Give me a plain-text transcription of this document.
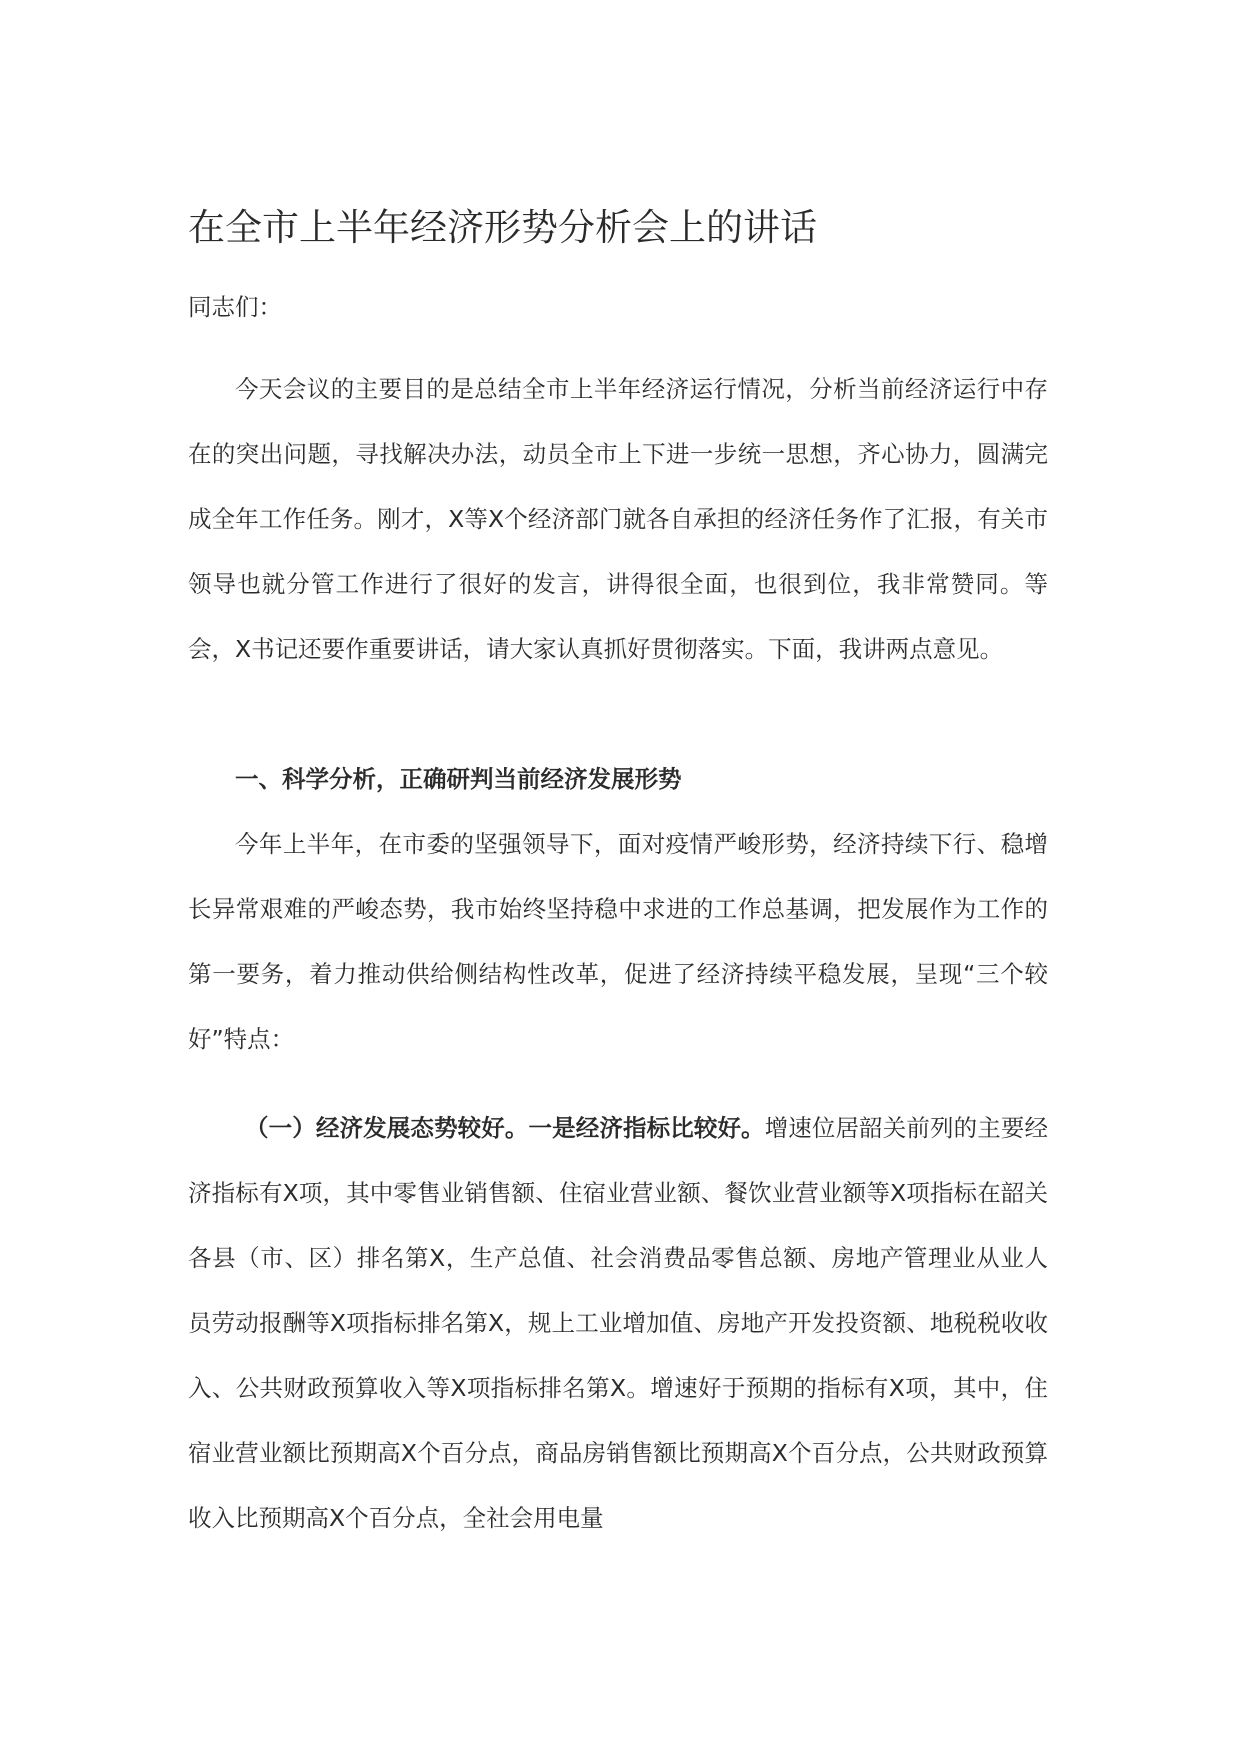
在全市上半年经济形势分析会上的讲话

同志们：

今天会议的主要目的是总结全市上半年经济运行情况，分析当前经济运行中存在的突出问题，寻找解决办法，动员全市上下进一步统一思想，齐心协力，圆满完成全年工作任务。刚才，X等X个经济部门就各自承担的经济任务作了汇报，有关市领导也就分管工作进行了很好的发言，讲得很全面，也很到位，我非常赞同。等会，X书记还要作重要讲话，请大家认真抓好贯彻落实。下面，我讲两点意见。

一、科学分析，正确研判当前经济发展形势

今年上半年，在市委的坚强领导下，面对疫情严峻形势，经济持续下行、稳增长异常艰难的严峻态势，我市始终坚持稳中求进的工作总基调，把发展作为工作的第一要务，着力推动供给侧结构性改革，促进了经济持续平稳发展，呈现“三个较好”特点：

（一）经济发展态势较好。一是经济指标比较好。增速位居韶关前列的主要经济指标有X项，其中零售业销售额、住宿业营业额、餐饮业营业额等X项指标在韶关各县（市、区）排名第X，生产总值、社会消费品零售总额、房地产管理业从业人员劳动报酬等X项指标排名第X，规上工业增加值、房地产开发投资额、地税税收收入、公共财政预算收入等X项指标排名第X。增速好于预期的指标有X项，其中，住宿业营业额比预期高X个百分点，商品房销售额比预期高X个百分点，公共财政预算收入比预期高X个百分点，全社会用电量
